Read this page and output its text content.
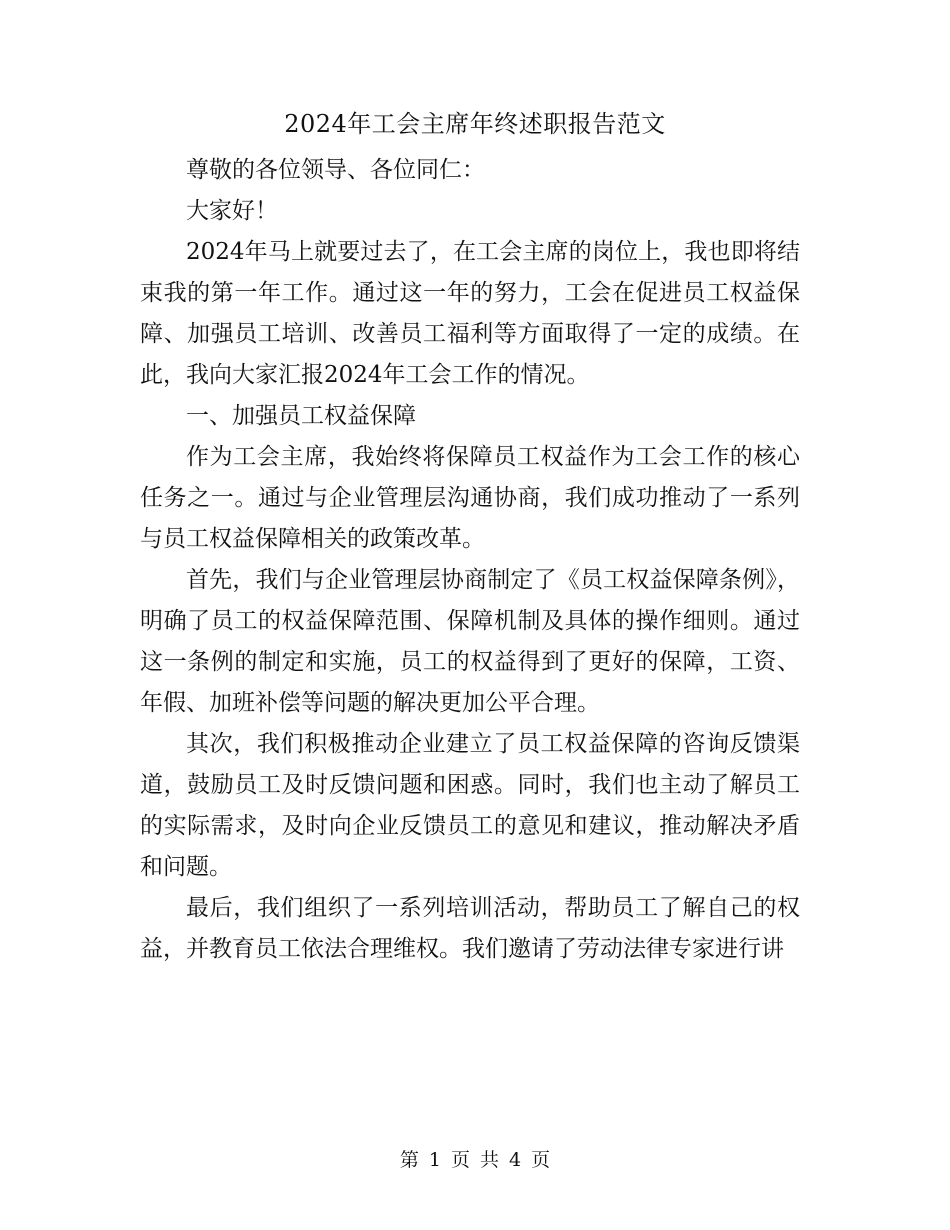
2024年工会主席年终述职报告范文

尊敬的各位领导、各位同仁：

大家好！

2024年马上就要过去了，在工会主席的岗位上，我也即将结束我的第一年工作。通过这一年的努力，工会在促进员工权益保障、加强员工培训、改善员工福利等方面取得了一定的成绩。在此，我向大家汇报2024年工会工作的情况。

一、加强员工权益保障

作为工会主席，我始终将保障员工权益作为工会工作的核心任务之一。通过与企业管理层沟通协商，我们成功推动了一系列与员工权益保障相关的政策改革。

首先，我们与企业管理层协商制定了《员工权益保障条例》，明确了员工的权益保障范围、保障机制及具体的操作细则。通过这一条例的制定和实施，员工的权益得到了更好的保障，工资、年假、加班补偿等问题的解决更加公平合理。

其次，我们积极推动企业建立了员工权益保障的咨询反馈渠道，鼓励员工及时反馈问题和困惑。同时，我们也主动了解员工的实际需求，及时向企业反馈员工的意见和建议，推动解决矛盾和问题。

最后，我们组织了一系列培训活动，帮助员工了解自己的权益，并教育员工依法合理维权。我们邀请了劳动法律专家进行讲

第 1 页 共 4 页
